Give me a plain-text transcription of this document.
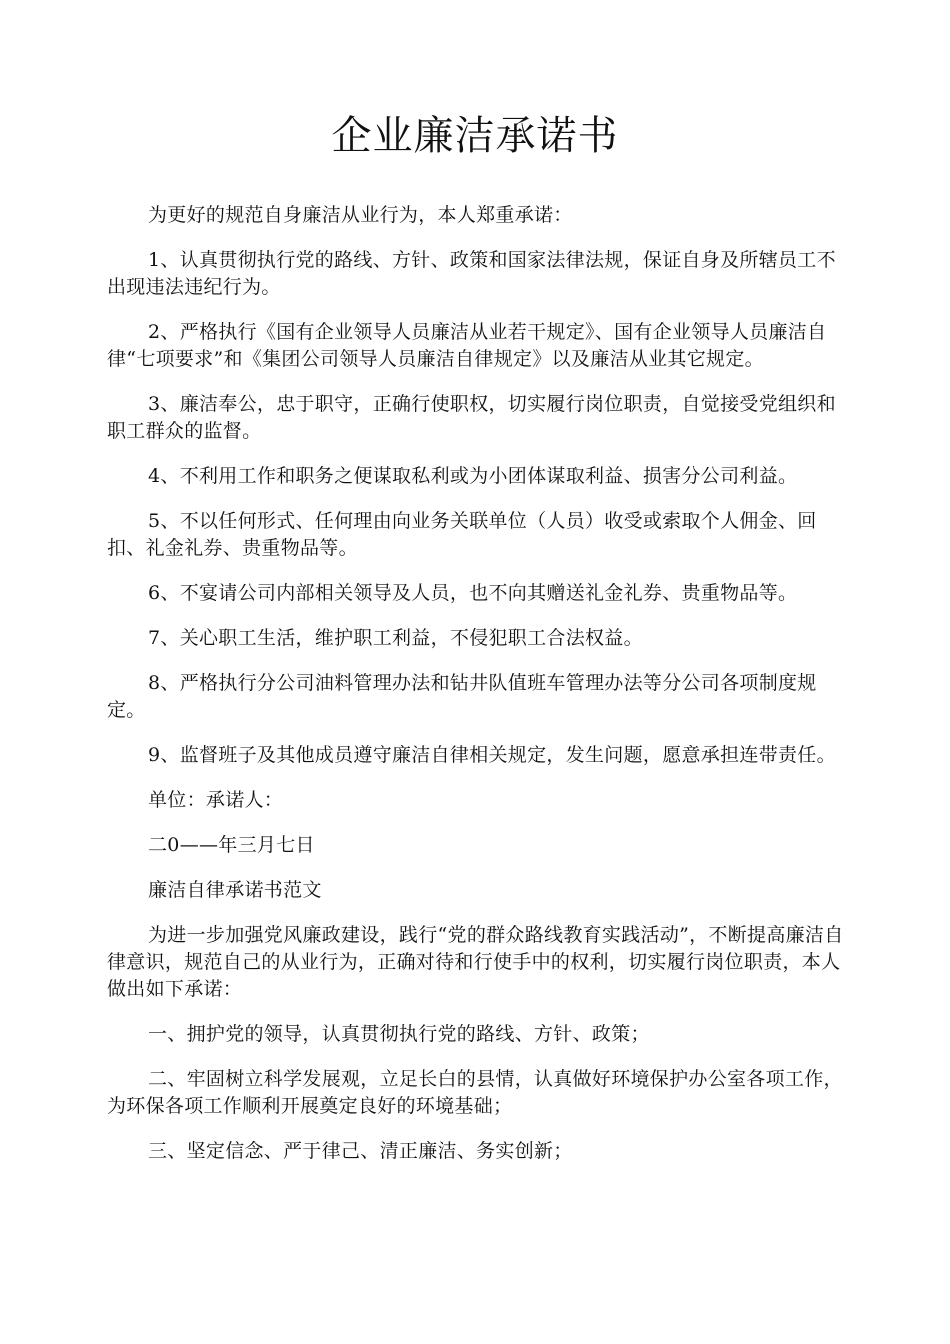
企业廉洁承诺书

为更好的规范自身廉洁从业行为，本人郑重承诺：

1、认真贯彻执行党的路线、方针、政策和国家法律法规，保证自身及所辖员工不出现违法违纪行为。

2、严格执行《国有企业领导人员廉洁从业若干规定》、国有企业领导人员廉洁自律“七项要求”和《集团公司领导人员廉洁自律规定》以及廉洁从业其它规定。

3、廉洁奉公，忠于职守，正确行使职权，切实履行岗位职责，自觉接受党组织和职工群众的监督。

4、不利用工作和职务之便谋取私利或为小团体谋取利益、损害分公司利益。

5、不以任何形式、任何理由向业务关联单位（人员）收受或索取个人佣金、回扣、礼金礼券、贵重物品等。

6、不宴请公司内部相关领导及人员，也不向其赠送礼金礼券、贵重物品等。

7、关心职工生活，维护职工利益，不侵犯职工合法权益。

8、严格执行分公司油料管理办法和钻井队值班车管理办法等分公司各项制度规定。

9、监督班子及其他成员遵守廉洁自律相关规定，发生问题，愿意承担连带责任。

单位：承诺人：

二0——年三月七日

廉洁自律承诺书范文

为进一步加强党风廉政建设，践行“党的群众路线教育实践活动”，不断提高廉洁自律意识，规范自己的从业行为，正确对待和行使手中的权利，切实履行岗位职责，本人做出如下承诺：

一、拥护党的领导，认真贯彻执行党的路线、方针、政策；

二、牢固树立科学发展观，立足长白的县情，认真做好环境保护办公室各项工作，为环保各项工作顺利开展奠定良好的环境基础；

三、坚定信念、严于律己、清正廉洁、务实创新；
